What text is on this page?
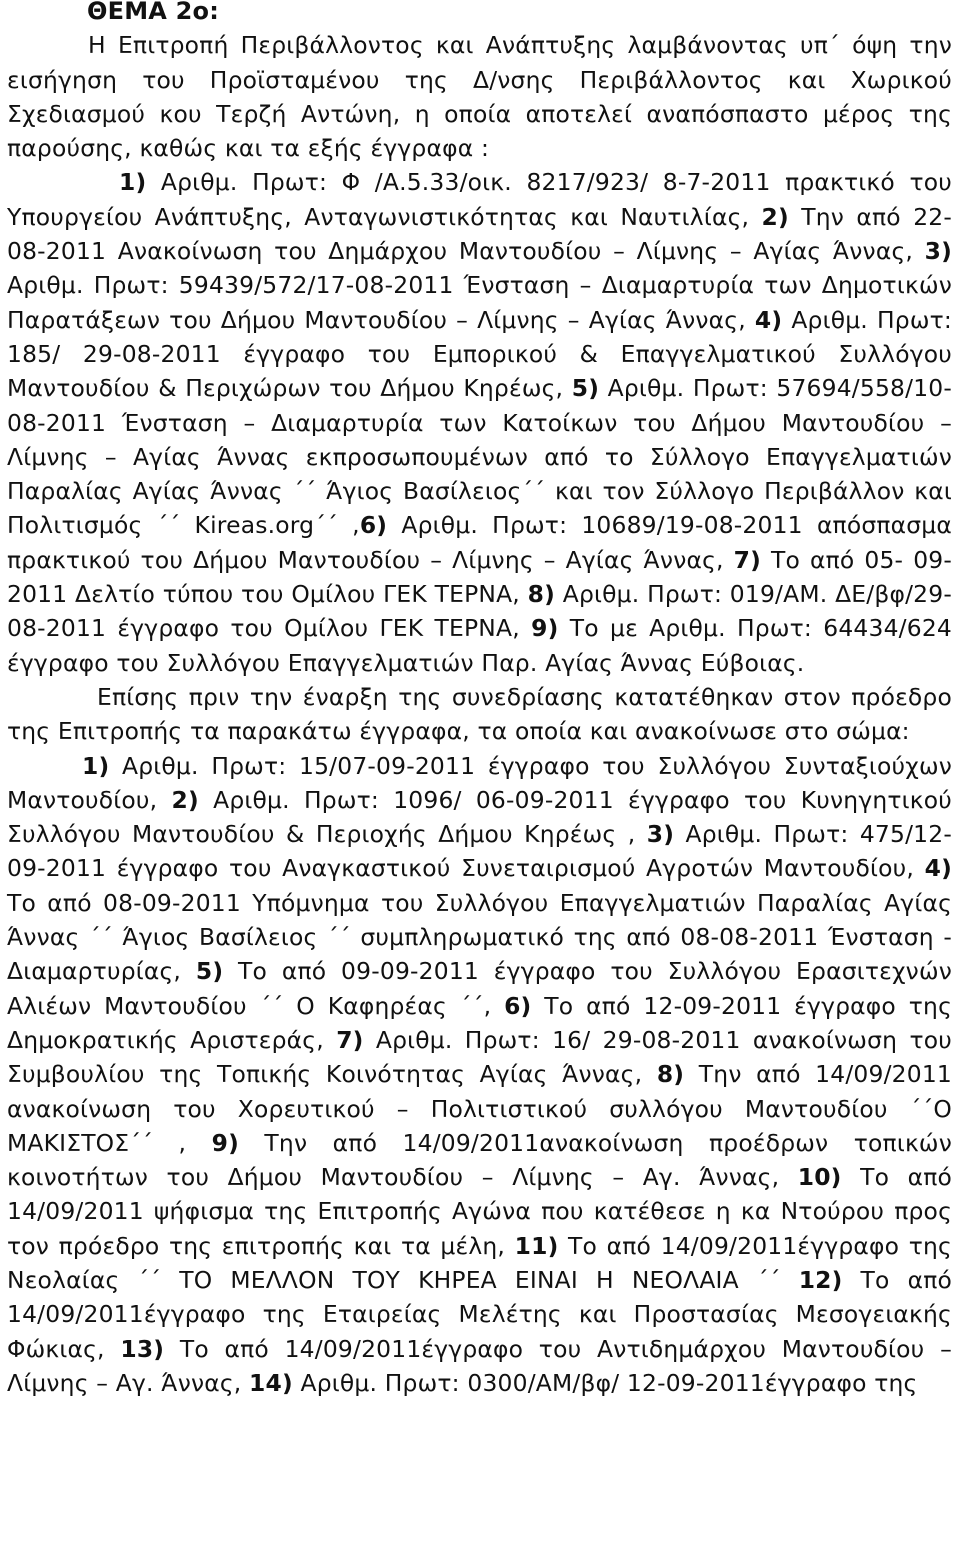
ΘΕΜΑ 2ο:

Η Επιτροπή Περιβάλλοντος και Ανάπτυξης λαμβάνοντας υπ΄ όψη την εισήγηση του Προϊσταμένου της Δ/νσης Περιβάλλοντος και Χωρικού Σχεδιασμού κου Τερζή Αντώνη, η οποία αποτελεί αναπόσπαστο μέρος της παρούσης, καθώς και τα εξής έγγραφα :

1) Αριθμ. Πρωτ: Φ /Α.5.33/οικ. 8217/923/ 8-7-2011 πρακτικό του Υπουργείου Ανάπτυξης, Ανταγωνιστικότητας και Ναυτιλίας, 2) Την από 22-08-2011 Ανακοίνωση του Δημάρχου Μαντουδίου – Λίμνης – Αγίας Άννας, 3) Αριθμ. Πρωτ: 59439/572/17-08-2011 Ένσταση – Διαμαρτυρία των Δημοτικών Παρατάξεων του Δήμου Μαντουδίου – Λίμνης – Αγίας Άννας, 4) Αριθμ. Πρωτ: 185/ 29-08-2011 έγγραφο του Εμπορικού & Επαγγελματικού Συλλόγου Μαντουδίου & Περιχώρων του Δήμου Κηρέως, 5) Αριθμ. Πρωτ: 57694/558/10-08-2011 Ένσταση – Διαμαρτυρία των Κατοίκων του Δήμου Μαντουδίου – Λίμνης – Αγίας Άννας εκπροσωπουμένων από το Σύλλογο Επαγγελματιών Παραλίας Αγίας Άννας ΄΄ Άγιος Βασίλειος΄΄ και τον Σύλλογο Περιβάλλον και Πολιτισμός ΄΄ Kireas.org΄΄ ,6) Αριθμ. Πρωτ: 10689/19-08-2011 απόσπασμα πρακτικού του Δήμου Μαντουδίου – Λίμνης – Αγίας Άννας, 7) Το από 05- 09-2011 Δελτίο τύπου του Ομίλου ΓΕΚ ΤΕΡΝΑ, 8) Αριθμ. Πρωτ: 019/ΑΜ. ΔΕ/βφ/29-08-2011 έγγραφο του Ομίλου ΓΕΚ ΤΕΡΝΑ, 9) Το με Αριθμ. Πρωτ: 64434/624 έγγραφο του Συλλόγου Επαγγελματιών Παρ. Αγίας Άννας Εύβοιας.

Επίσης πριν την έναρξη της συνεδρίασης κατατέθηκαν στον πρόεδρο της Επιτροπής τα παρακάτω έγγραφα, τα οποία και ανακοίνωσε στο σώμα:

1) Αριθμ. Πρωτ: 15/07-09-2011 έγγραφο του Συλλόγου Συνταξιούχων Μαντουδίου, 2) Αριθμ. Πρωτ: 1096/ 06-09-2011 έγγραφο του Κυνηγητικού Συλλόγου Μαντουδίου & Περιοχής Δήμου Κηρέως , 3) Αριθμ. Πρωτ: 475/12-09-2011 έγγραφο του Αναγκαστικού Συνεταιρισμού Αγροτών Μαντουδίου, 4) Το από 08-09-2011 Υπόμνημα του Συλλόγου Επαγγελματιών Παραλίας Αγίας Άννας ΄΄ Άγιος Βασίλειος ΄΄ συμπληρωματικό της από 08-08-2011 Ένσταση - Διαμαρτυρίας, 5) Το από 09-09-2011 έγγραφο του Συλλόγου Ερασιτεχνών Αλιέων Μαντουδίου ΄΄ Ο Καφηρέας ΄΄, 6) Το από 12-09-2011 έγγραφο της Δημοκρατικής Αριστεράς, 7) Αριθμ. Πρωτ: 16/ 29-08-2011 ανακοίνωση του Συμβουλίου της Τοπικής Κοινότητας Αγίας Άννας, 8) Την από 14/09/2011 ανακοίνωση του Χορευτικού – Πολιτιστικού συλλόγου Μαντουδίου ΄΄Ο ΜΑΚΙΣΤΟΣ΄΄ , 9) Την από 14/09/2011ανακοίνωση προέδρων τοπικών κοινοτήτων του Δήμου Μαντουδίου – Λίμνης – Αγ. Άννας, 10) Το από 14/09/2011 ψήφισμα της Επιτροπής Αγώνα που κατέθεσε η κα Ντούρου προς τον πρόεδρο της επιτροπής και τα μέλη, 11) Το από 14/09/2011έγγραφο της Νεολαίας ΄΄ ΤΟ ΜΕΛΛΟΝ ΤΟΥ ΚΗΡΕΑ ΕΙΝΑΙ Η ΝΕΟΛΑΙΑ ΄΄ 12) Το από 14/09/2011έγγραφο της Εταιρείας Μελέτης και Προστασίας Μεσογειακής Φώκιας, 13) Το από 14/09/2011έγγραφο του Αντιδημάρχου Μαντουδίου – Λίμνης – Αγ. Άννας, 14) Αριθμ. Πρωτ: 0300/ΑΜ/βφ/ 12-09-2011έγγραφο της
